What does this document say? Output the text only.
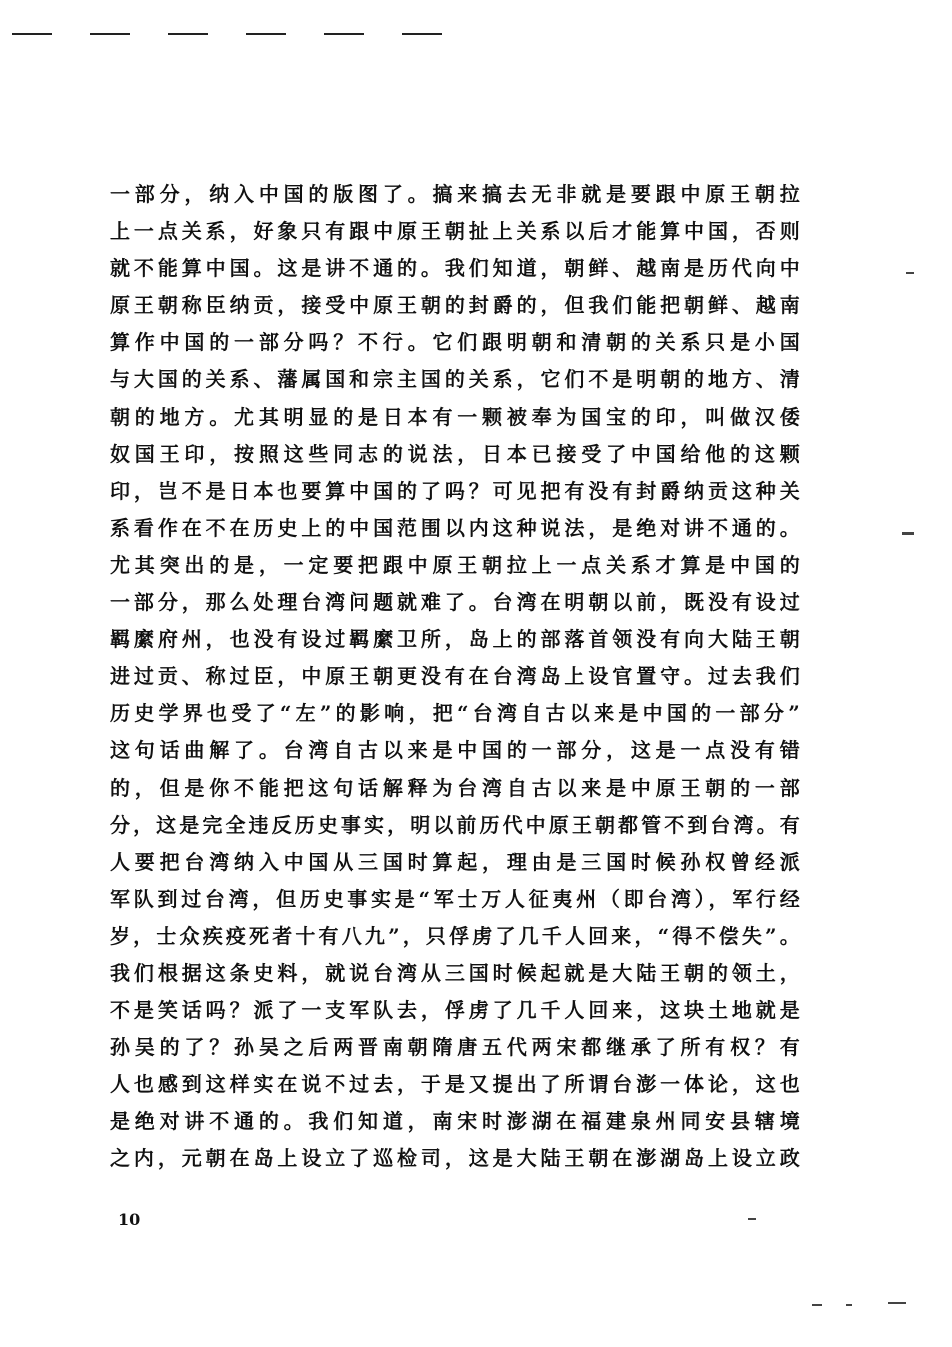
一部分，纳入中国的版图了。搞来搞去无非就是要跟中原王朝拉
上一点关系，好象只有跟中原王朝扯上关系以后才能算中国，否则
就不能算中国。这是讲不通的。我们知道，朝鲜、越南是历代向中
原王朝称臣纳贡，接受中原王朝的封爵的，但我们能把朝鲜、越南
算作中国的一部分吗？不行。它们跟明朝和清朝的关系只是小国
与大国的关系、藩属国和宗主国的关系，它们不是明朝的地方、清
朝的地方。尤其明显的是日本有一颗被奉为国宝的印，叫做汉倭
奴国王印，按照这些同志的说法，日本已接受了中国给他的这颗
印，岂不是日本也要算中国的了吗？可见把有没有封爵纳贡这种关
系看作在不在历史上的中国范围以内这种说法，是绝对讲不通的。
尤其突出的是，一定要把跟中原王朝拉上一点关系才算是中国的
一部分，那么处理台湾问题就难了。台湾在明朝以前，既没有设过
羁縻府州，也没有设过羁縻卫所，岛上的部落首领没有向大陆王朝
进过贡、称过臣，中原王朝更没有在台湾岛上设官置守。过去我们
历史学界也受了“左”的影响，把“台湾自古以来是中国的一部分”
这句话曲解了。台湾自古以来是中国的一部分，这是一点没有错
的，但是你不能把这句话解释为台湾自古以来是中原王朝的一部
分，这是完全违反历史事实，明以前历代中原王朝都管不到台湾。有
人要把台湾纳入中国从三国时算起，理由是三国时候孙权曾经派
军队到过台湾，但历史事实是“军士万人征夷州（即台湾），军行经
岁，士众疾疫死者十有八九”，只俘虏了几千人回来，“得不偿失”。
我们根据这条史料，就说台湾从三国时候起就是大陆王朝的领土，
不是笑话吗？派了一支军队去，俘虏了几千人回来，这块土地就是
孙吴的了？孙吴之后两晋南朝隋唐五代两宋都继承了所有权？有
人也感到这样实在说不过去，于是又提出了所谓台澎一体论，这也
是绝对讲不通的。我们知道，南宋时澎湖在福建泉州同安县辖境
之内，元朝在岛上设立了巡检司，这是大陆王朝在澎湖岛上设立政
10
